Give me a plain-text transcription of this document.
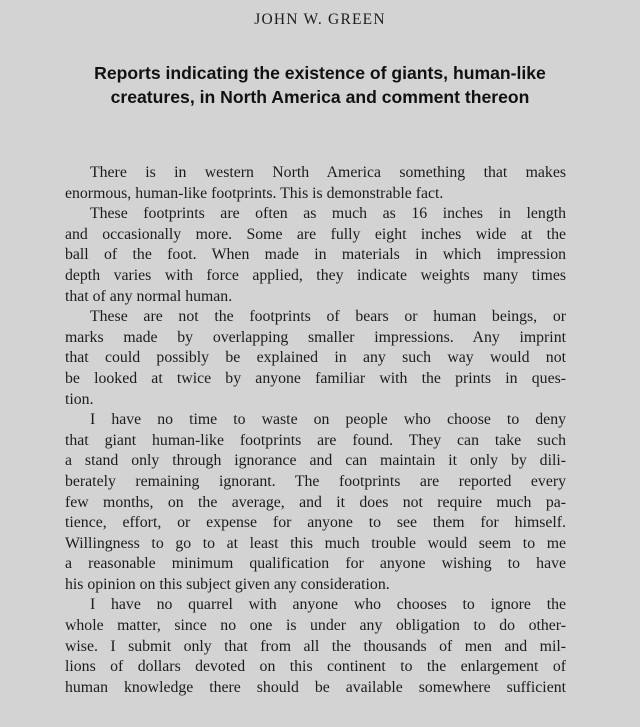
JOHN W. GREEN
Reports indicating the existence of giants, human-like
creatures, in North America and comment thereon
There is in western North America something that makes
enormous, human-like footprints. This is demonstrable fact.
These footprints are often as much as 16 inches in length
and occasionally more. Some are fully eight inches wide at the
ball of the foot. When made in materials in which impression
depth varies with force applied, they indicate weights many times
that of any normal human.
These are not the footprints of bears or human beings, or
marks made by overlapping smaller impressions. Any imprint
that could possibly be explained in any such way would not
be looked at twice by anyone familiar with the prints in ques-
tion.
I have no time to waste on people who choose to deny
that giant human-like footprints are found. They can take such
a stand only through ignorance and can maintain it only by dili-
berately remaining ignorant. The footprints are reported every
few months, on the average, and it does not require much pa-
tience, effort, or expense for anyone to see them for himself.
Willingness to go to at least this much trouble would seem to me
a reasonable minimum qualification for anyone wishing to have
his opinion on this subject given any consideration.
I have no quarrel with anyone who chooses to ignore the
whole matter, since no one is under any obligation to do other-
wise. I submit only that from all the thousands of men and mil-
lions of dollars devoted on this continent to the enlargement of
human knowledge there should be available somewhere sufficient
